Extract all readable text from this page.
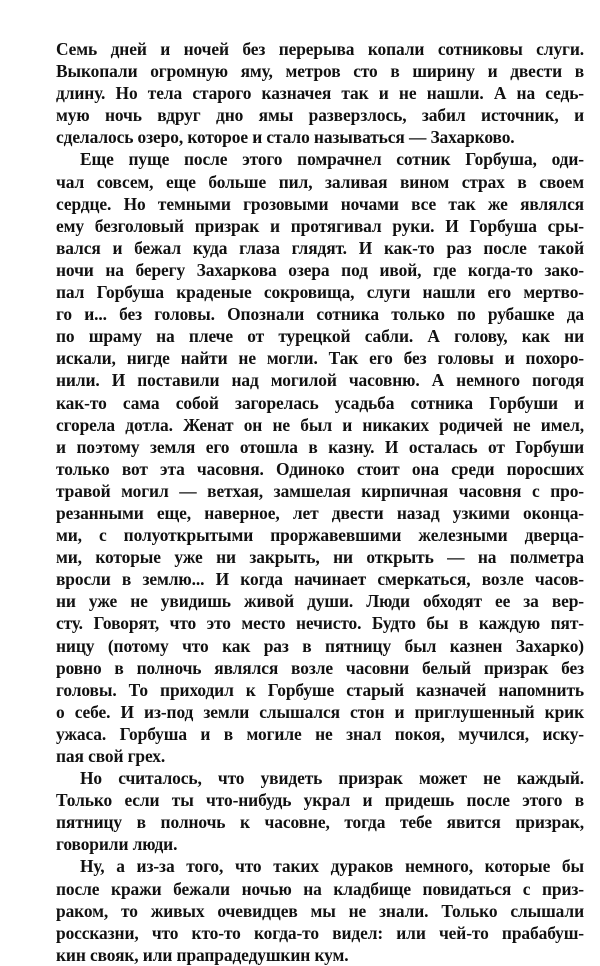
Семь дней и ночей без перерыва копали сотниковы слуги.
Выкопали огромную яму, метров сто в ширину и двести в
длину. Но тела старого казначея так и не нашли. А на седь-
мую ночь вдруг дно ямы разверзлось, забил источник, и
сделалось озеро, которое и стало называться — Захарково.
Еще пуще после этого помрачнел сотник Горбуша, оди-
чал совсем, еще больше пил, заливая вином страх в своем
сердце. Но темными грозовыми ночами все так же являлся
ему безголовый призрак и протягивал руки. И Горбуша сры-
вался и бежал куда глаза глядят. И как-то раз после такой
ночи на берегу Захаркова озера под ивой, где когда-то зако-
пал Горбуша краденые сокровища, слуги нашли его мертво-
го и... без головы. Опознали сотника только по рубашке да
по шраму на плече от турецкой сабли. А голову, как ни
искали, нигде найти не могли. Так его без головы и похоро-
нили. И поставили над могилой часовню. А немного погодя
как-то сама собой загорелась усадьба сотника Горбуши и
сгорела дотла. Женат он не был и никаких родичей не имел,
и поэтому земля его отошла в казну. И осталась от Горбуши
только вот эта часовня. Одиноко стоит она среди поросших
травой могил — ветхая, замшелая кирпичная часовня с про-
резанными еще, наверное, лет двести назад узкими оконца-
ми, с полуоткрытыми проржавевшими железными дверца-
ми, которые уже ни закрыть, ни открыть — на полметра
вросли в землю... И когда начинает смеркаться, возле часов-
ни уже не увидишь живой души. Люди обходят ее за вер-
сту. Говорят, что это место нечисто. Будто бы в каждую пят-
ницу (потому что как раз в пятницу был казнен Захарко)
ровно в полночь являлся возле часовни белый призрак без
головы. То приходил к Горбуше старый казначей напомнить
о себе. И из-под земли слышался стон и приглушенный крик
ужаса. Горбуша и в могиле не знал покоя, мучился, иску-
пая свой грех.
Но считалось, что увидеть призрак может не каждый.
Только если ты что-нибудь украл и придешь после этого в
пятницу в полночь к часовне, тогда тебе явится призрак,
говорили люди.
Ну, а из-за того, что таких дураков немного, которые бы
после кражи бежали ночью на кладбище повидаться с приз-
раком, то живых очевидцев мы не знали. Только слышали
россказни, что кто-то когда-то видел: или чей-то прабабуш-
кин свояк, или прапрадедушкин кум.
